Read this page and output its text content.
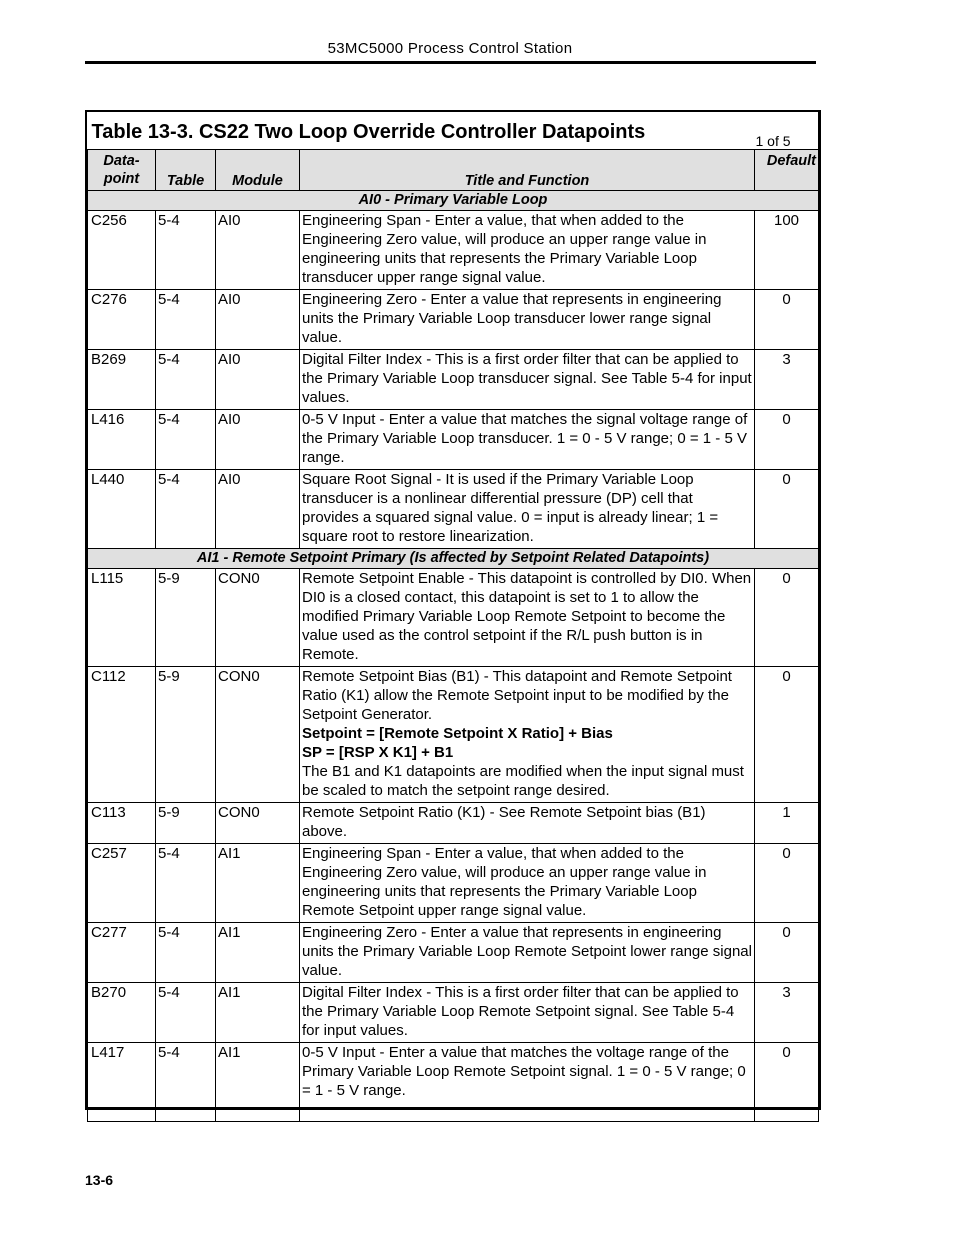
53MC5000 Process Control Station
Table 13-3. CS22 Two Loop Override Controller Datapoints 1 of 5				

Data-
point	Table	Module	Title and Function	Default
AI0 - Primary Variable Loop				
C256	5-4	AI0	Engineering Span - Enter a value, that when added to the Engineering Zero value, will produce an upper range value in engineering units that represents the Primary Variable Loop transducer upper range signal value.	100
C276	5-4	AI0	Engineering Zero - Enter a value that represents in engineering units the Primary Variable Loop transducer lower range signal value.	0
B269	5-4	AI0	Digital Filter Index - This is a first order filter that can be applied to the Primary Variable Loop transducer signal. See Table 5-4 for input values.	3
L416	5-4	AI0	0-5 V Input - Enter a value that matches the signal voltage range of the Primary Variable Loop transducer. 1 = 0 - 5 V range; 0 = 1 - 5 V range.	0
L440	5-4	AI0	Square Root Signal - It is used if the Primary Variable Loop transducer is a nonlinear differential pressure (DP) cell that provides a squared signal value. 0 = input is already linear; 1 = square root to restore linearization.	0
AI1 - Remote Setpoint Primary (Is affected by Setpoint Related Datapoints)				
L115	5-9	CON0	Remote Setpoint Enable - This datapoint is controlled by DI0. When DI0 is a closed contact, this datapoint is set to 1 to allow the modified Primary Variable Loop Remote Setpoint to become the value used as the control setpoint if the R/L push button is in Remote.	0
C112	5-9	CON0	Remote Setpoint Bias (B1) - This datapoint and Remote Setpoint Ratio (K1) allow the Remote Setpoint input to be modified by the Setpoint Generator.
Setpoint = [Remote Setpoint X Ratio] + Bias
SP = [RSP X K1] + B1
The B1 and K1 datapoints are modified when the input signal must be scaled to match the setpoint range desired.	0
C113	5-9	CON0	Remote Setpoint Ratio (K1) - See Remote Setpoint bias (B1) above.	1
C257	5-4	AI1	Engineering Span - Enter a value, that when added to the Engineering Zero value, will produce an upper range value in engineering units that represents the Primary Variable Loop Remote Setpoint upper range signal value.	0
C277	5-4	AI1	Engineering Zero - Enter a value that represents in engineering units the Primary Variable Loop Remote Setpoint lower range signal value.	0
B270	5-4	AI1	Digital Filter Index - This is a first order filter that can be applied to the Primary Variable Loop Remote Setpoint signal. See Table 5-4 for input values.	3
L417	5-4	AI1	0-5 V Input - Enter a value that matches the voltage range of the Primary Variable Loop Remote Setpoint signal. 1 = 0 - 5 V range; 0 = 1 - 5 V range.	0
13-6
